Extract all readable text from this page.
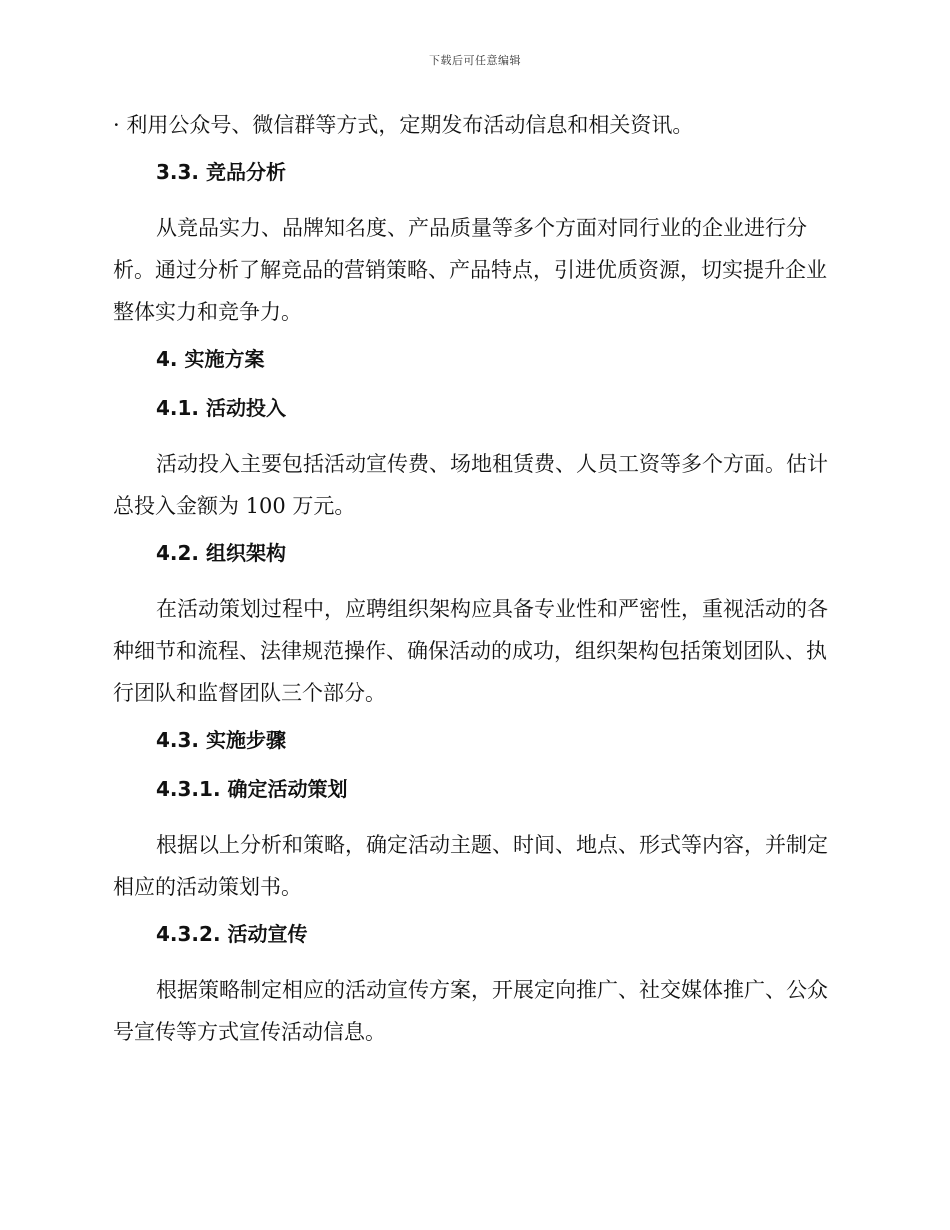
下载后可任意编辑

· 利用公众号、微信群等方式，定期发布活动信息和相关资讯。

3.3. 竞品分析

从竞品实力、品牌知名度、产品质量等多个方面对同行业的企业进行分析。通过分析了解竞品的营销策略、产品特点，引进优质资源，切实提升企业整体实力和竞争力。

4. 实施方案
4.1. 活动投入

活动投入主要包括活动宣传费、场地租赁费、人员工资等多个方面。估计总投入金额为 100 万元。

4.2. 组织架构

在活动策划过程中，应聘组织架构应具备专业性和严密性，重视活动的各种细节和流程、法律规范操作、确保活动的成功，组织架构包括策划团队、执行团队和监督团队三个部分。

4.3. 实施步骤
4.3.1. 确定活动策划

根据以上分析和策略，确定活动主题、时间、地点、形式等内容，并制定相应的活动策划书。

4.3.2. 活动宣传

根据策略制定相应的活动宣传方案，开展定向推广、社交媒体推广、公众号宣传等方式宣传活动信息。
